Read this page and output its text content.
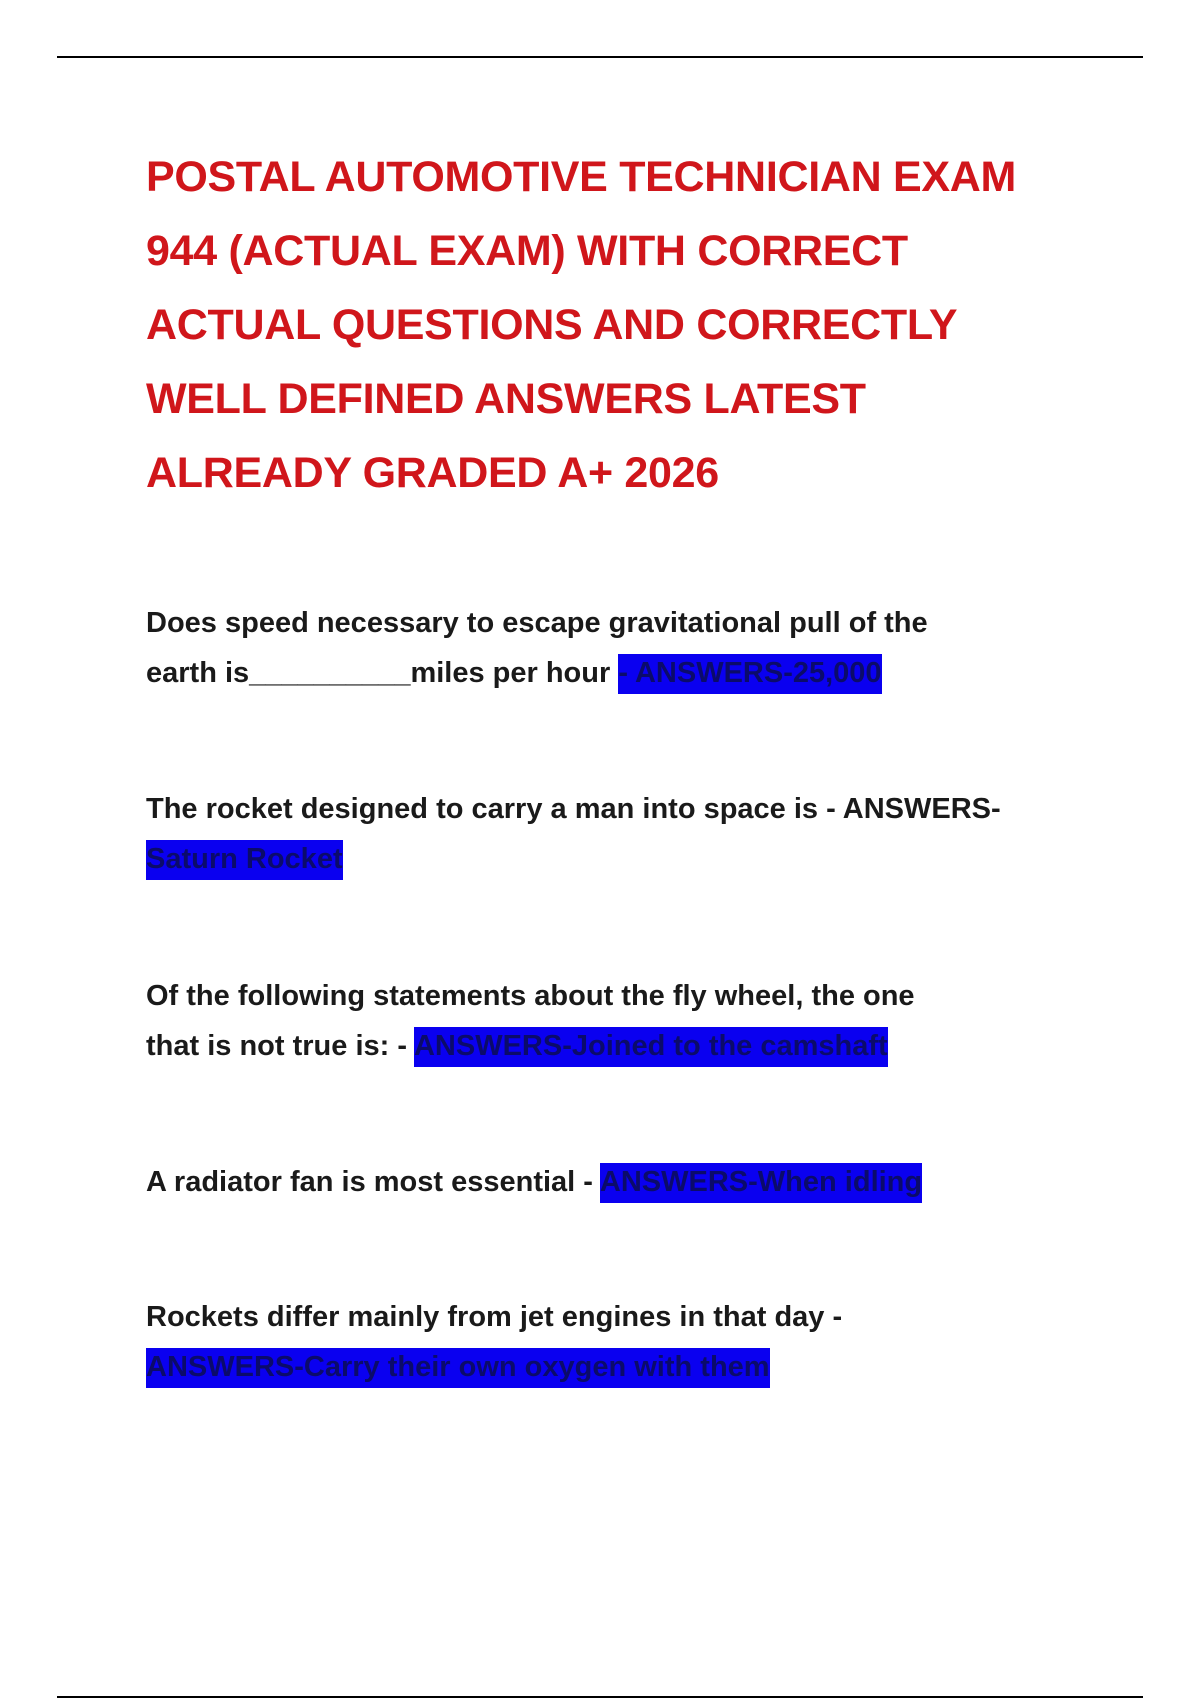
POSTAL AUTOMOTIVE TECHNICIAN EXAM
944 (ACTUAL EXAM) WITH CORRECT
ACTUAL QUESTIONS AND CORRECTLY
WELL DEFINED ANSWERS LATEST
ALREADY GRADED A+ 2026
Does speed necessary to escape gravitational pull of the
earth is__________miles per hour - ANSWERS-25,000
The rocket designed to carry a man into space is - ANSWERS-
Saturn Rocket
Of the following statements about the fly wheel, the one
that is not true is: - ANSWERS-Joined to the camshaft
A radiator fan is most essential - ANSWERS-When idling
Rockets differ mainly from jet engines in that day -
ANSWERS-Carry their own oxygen with them
